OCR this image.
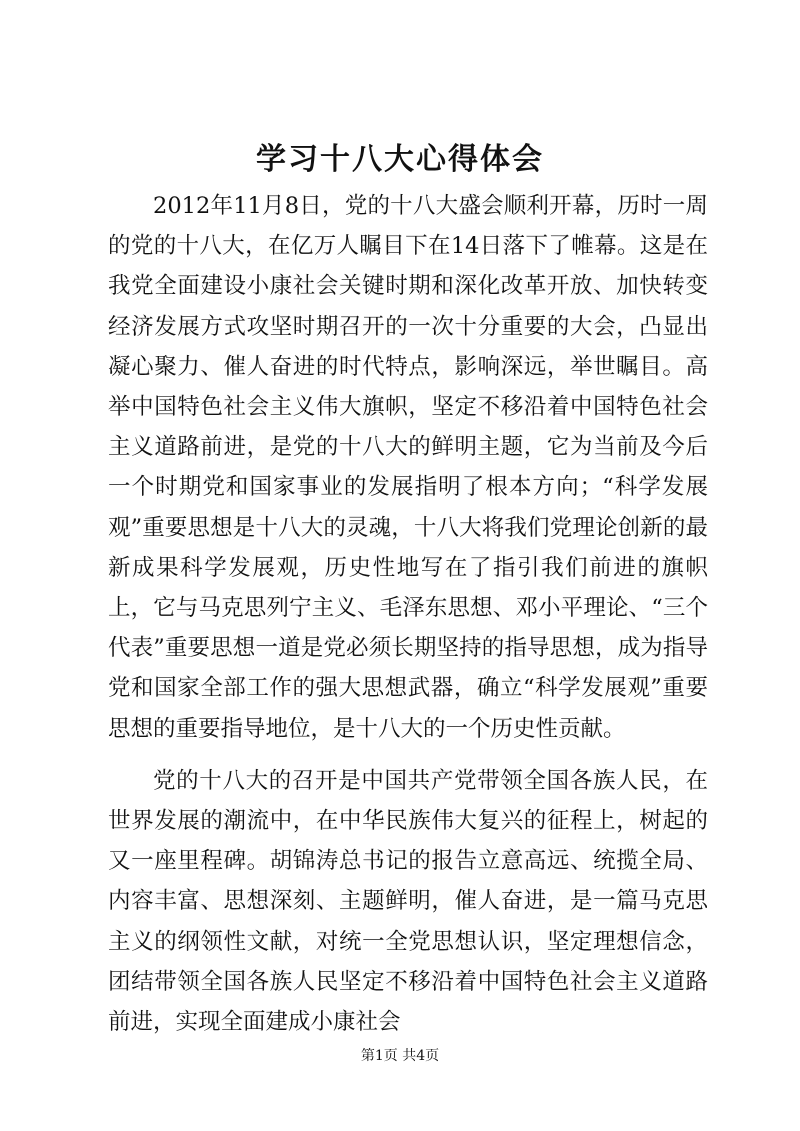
学习十八大心得体会

2012年11月8日，党的十八大盛会顺利开幕，历时一周的党的十八大，在亿万人瞩目下在14日落下了帷幕。这是在我党全面建设小康社会关键时期和深化改革开放、加快转变经济发展方式攻坚时期召开的一次十分重要的大会，凸显出凝心聚力、催人奋进的时代特点，影响深远，举世瞩目。高举中国特色社会主义伟大旗帜，坚定不移沿着中国特色社会主义道路前进，是党的十八大的鲜明主题，它为当前及今后一个时期党和国家事业的发展指明了根本方向；“科学发展观”重要思想是十八大的灵魂，十八大将我们党理论创新的最新成果科学发展观，历史性地写在了指引我们前进的旗帜上，它与马克思列宁主义、毛泽东思想、邓小平理论、“三个代表”重要思想一道是党必须长期坚持的指导思想，成为指导党和国家全部工作的强大思想武器，确立“科学发展观”重要思想的重要指导地位，是十八大的一个历史性贡献。

党的十八大的召开是中国共产党带领全国各族人民，在世界发展的潮流中，在中华民族伟大复兴的征程上，树起的又一座里程碑。胡锦涛总书记的报告立意高远、统揽全局、内容丰富、思想深刻、主题鲜明，催人奋进，是一篇马克思主义的纲领性文献，对统一全党思想认识，坚定理想信念，团结带领全国各族人民坚定不移沿着中国特色社会主义道路前进，实现全面建成小康社会

第1页 共4页
